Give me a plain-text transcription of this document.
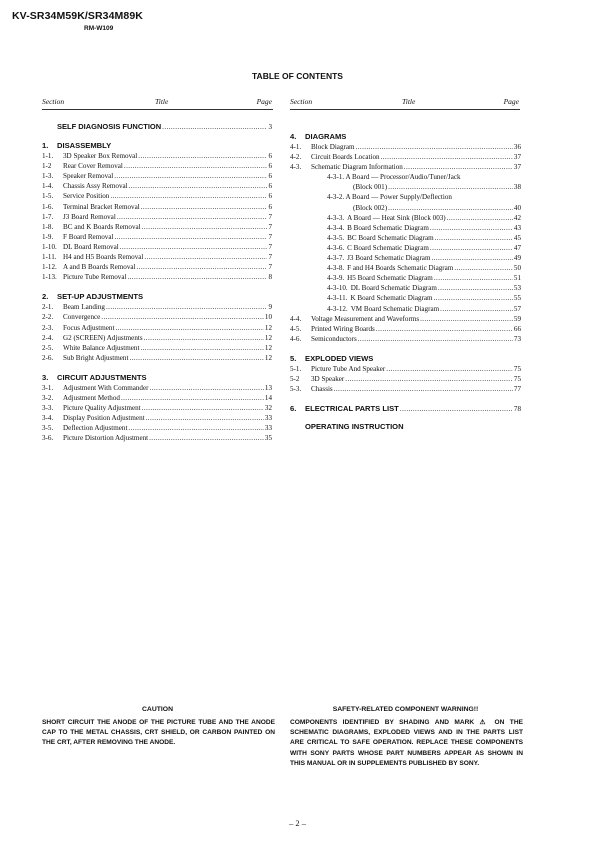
KV-SR34M59K/SR34M89K
RM-W109
TABLE OF CONTENTS
Section	Title	Page Section	Title	Page
SELF DIAGNOSIS FUNCTION .....	3
1. DISASSEMBLY
1-1.	3D Speaker Box Removal .....	6
1-2	Rear Cover Removal .....	6
1-3.	Speaker Removal .....	6
1-4.	Chassis Assy Removal .....	6
1-5.	Service Position .....	6
1-6.	Terminal Bracket Removal .....	6
1-7.	J3 Board Removal .....	7
1-8.	BC and K Boards Removal .....	7
1-9.	F Board Removal .....	7
1-10. DL Board Removal .....	7
1-11. H4 and H5 Boards Removal .....	7
1-12. A and B Boards Removal .....	7
1-13. Picture Tube Removal .....	8
2. SET-UP ADJUSTMENTS
2-1.	Beam Landing .....	9
2-2.	Convergence .....	10
2-3.	Focus Adjustment .....	12
2-4.	G2 (SCREEN) Adjustments .....	12
2-5.	White Balance Adjustment .....	12
2-6.	Sub Bright Adjustment .....	12
3. CIRCUIT ADJUSTMENTS
3-1.	Adjustment With Commander .....	13
3-2.	Adjustment Method .....	14
3-3.	Picture Quality Adjustment .....	32
3-4.	Display Position Adjustment .....	33
3-5.	Deflection Adjustment .....	33
3-6.	Picture Distortion Adjustment .....	35
4. DIAGRAMS
4-1.	Block Diagram .....	36
4-2.	Circuit Boards Location .....	37
4-3.	Schematic Diagram Information .....	37
4-3-1. A Board — Processor/Audio/Tuner/Jack
(Block 001) .....	38
4-3-2. A Board — Power Supply/Deflection
(Block 002) .....	40
4-3-3. A Board — Heat Sink (Block 003) .....	42
4-3-4. B Board Schematic Diagram .....	43
4-3-5. BC Board Schematic Diagram .....	45
4-3-6. C Board Schematic Diagram .....	47
4-3-7. J3 Board Schematic Diagram .....	49
4-3-8. F and H4 Boards Schematic Diagram .....	50
4-3-9. H5 Board Schematic Diagram .....	51
4-3-10. DL Board Schematic Diagram .....	53
4-3-11. K Board Schematic Diagram .....	55
4-3-12. VM Board Schematic Diagram .....	57
4-4.	Voltage Measurement and Waveforms .....	59
4-5.	Printed Wiring Boards .....	66
4-6.	Semiconductors .....	73
5. EXPLODED VIEWS
5-1.	Picture Tube And Speaker .....	75
5-2	3D Speaker .....	75
5-3.	Chassis .....	77
6. ELECTRICAL PARTS LIST .....	78
OPERATING INSTRUCTION
CAUTION
SHORT CIRCUIT THE ANODE OF THE PICTURE TUBE AND THE ANODE CAP TO THE METAL CHASSIS, CRT SHIELD, OR CARBON PAINTED ON THE CRT, AFTER REMOVING THE ANODE.
SAFETY-RELATED COMPONENT WARNING!!
COMPONENTS IDENTIFIED BY SHADING AND MARK ⚠ ON THE SCHEMATIC DIAGRAMS, EXPLODED VIEWS AND IN THE PARTS LIST ARE CRITICAL TO SAFE OPERATION. REPLACE THESE COMPONENTS WITH SONY PARTS WHOSE PART NUMBERS APPEAR AS SHOWN IN THIS MANUAL OR IN SUPPLEMENTS PUBLISHED BY SONY.
– 2 –
